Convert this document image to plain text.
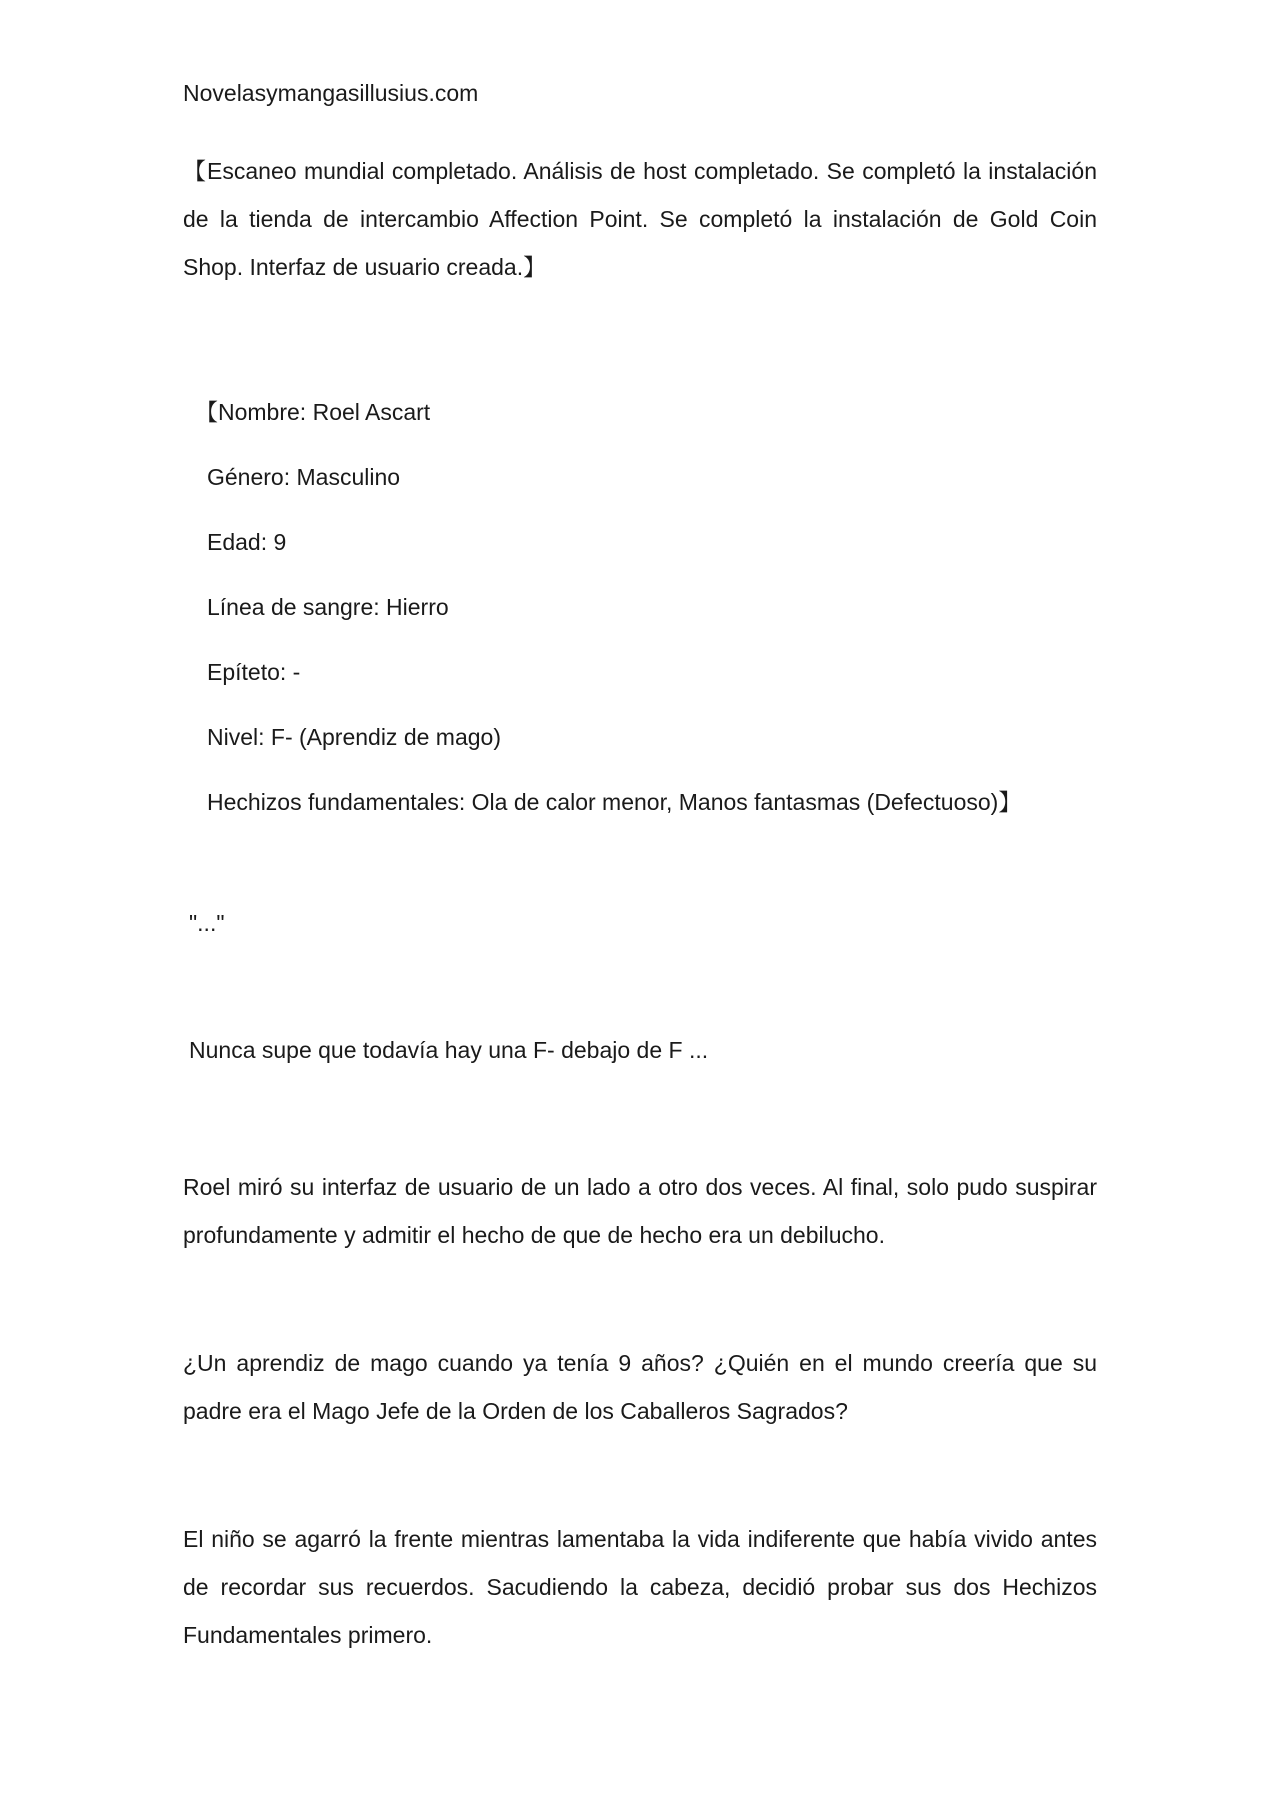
Novelasymangasillusius.com

【Escaneo mundial completado. Análisis de host completado. Se completó la instalación de la tienda de intercambio Affection Point. Se completó la instalación de Gold Coin Shop. Interfaz de usuario creada.】

【Nombre: Roel Ascart
Género: Masculino
Edad: 9
Línea de sangre: Hierro
Epíteto: -
Nivel: F- (Aprendiz de mago)
Hechizos fundamentales: Ola de calor menor, Manos fantasmas (Defectuoso)】
"..."
Nunca supe que todavía hay una F- debajo de F ...

Roel miró su interfaz de usuario de un lado a otro dos veces. Al final, solo pudo suspirar profundamente y admitir el hecho de que de hecho era un debilucho.

¿Un aprendiz de mago cuando ya tenía 9 años? ¿Quién en el mundo creería que su padre era el Mago Jefe de la Orden de los Caballeros Sagrados?

El niño se agarró la frente mientras lamentaba la vida indiferente que había vivido antes de recordar sus recuerdos. Sacudiendo la cabeza, decidió probar sus dos Hechizos Fundamentales primero.
